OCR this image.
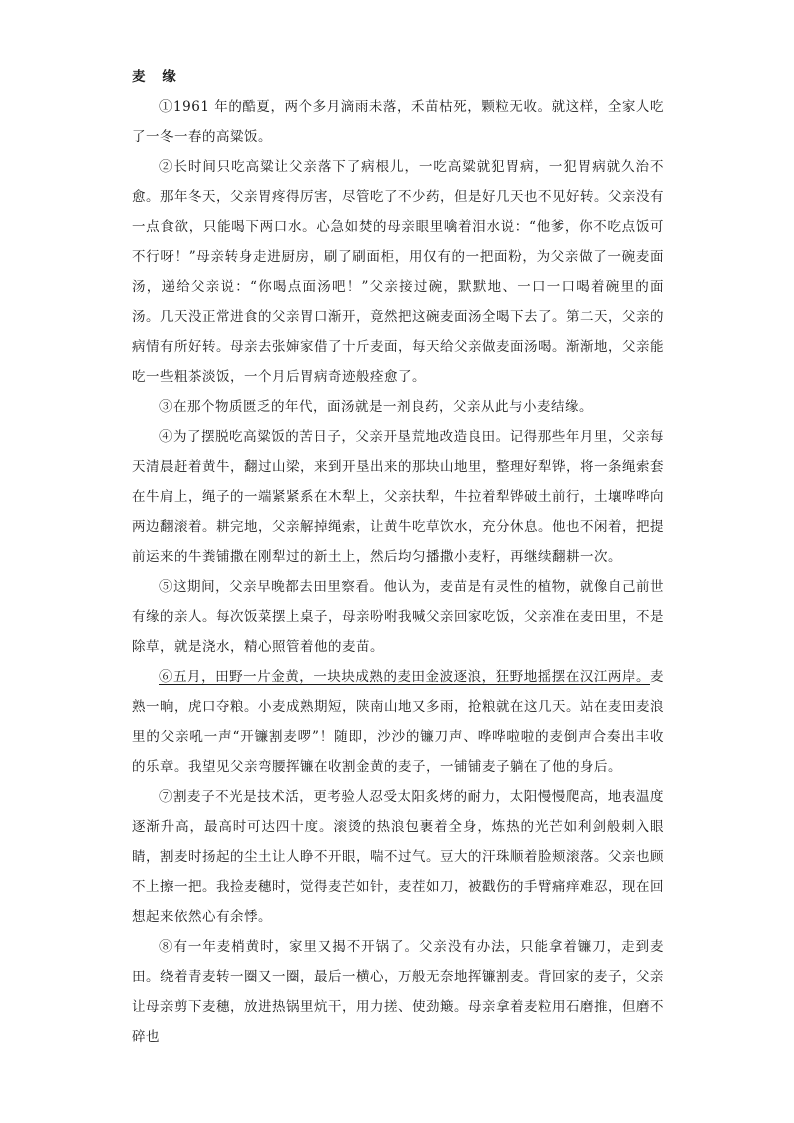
麦 缘

①1961 年的酷夏，两个多月滴雨未落，禾苗枯死，颗粒无收。就这样，全家人吃了一冬一春的高粱饭。

②长时间只吃高粱让父亲落下了病根儿，一吃高粱就犯胃病，一犯胃病就久治不愈。那年冬天，父亲胃疼得厉害，尽管吃了不少药，但是好几天也不见好转。父亲没有一点食欲，只能喝下两口水。心急如焚的母亲眼里噙着泪水说：“他爹，你不吃点饭可不行呀！”母亲转身走进厨房，刷了刷面柜，用仅有的一把面粉，为父亲做了一碗麦面汤，递给父亲说：“你喝点面汤吧！”父亲接过碗，默默地、一口一口喝着碗里的面汤。几天没正常进食的父亲胃口渐开，竟然把这碗麦面汤全喝下去了。第二天，父亲的病情有所好转。母亲去张婶家借了十斤麦面，每天给父亲做麦面汤喝。渐渐地，父亲能吃一些粗茶淡饭，一个月后胃病奇迹般痊愈了。

③在那个物质匮乏的年代，面汤就是一剂良药，父亲从此与小麦结缘。

④为了摆脱吃高粱饭的苦日子，父亲开垦荒地改造良田。记得那些年月里，父亲每天清晨赶着黄牛，翻过山梁，来到开垦出来的那块山地里，整理好犁铧，将一条绳索套在牛肩上，绳子的一端紧紧系在木犁上，父亲扶犁，牛拉着犁铧破土前行，土壤哗哗向两边翻滚着。耕完地，父亲解掉绳索，让黄牛吃草饮水，充分休息。他也不闲着，把提前运来的牛粪铺撒在刚犁过的新土上，然后均匀播撒小麦籽，再继续翻耕一次。

⑤这期间，父亲早晚都去田里察看。他认为，麦苗是有灵性的植物，就像自己前世有缘的亲人。每次饭菜摆上桌子，母亲吩咐我喊父亲回家吃饭，父亲准在麦田里，不是除草，就是浇水，精心照管着他的麦苗。

⑥五月，田野一片金黄，一块块成熟的麦田金波逐浪，狂野地摇摆在汉江两岸。麦熟一晌，虎口夺粮。小麦成熟期短，陕南山地又多雨，抢粮就在这几天。站在麦田麦浪里的父亲吼一声“开镰割麦啰”！随即，沙沙的镰刀声、哗哗啦啦的麦倒声合奏出丰收的乐章。我望见父亲弯腰挥镰在收割金黄的麦子，一铺铺麦子躺在了他的身后。

⑦割麦子不光是技术活，更考验人忍受太阳炙烤的耐力，太阳慢慢爬高，地表温度逐渐升高，最高时可达四十度。滚烫的热浪包裹着全身，炼热的光芒如利剑般刺入眼睛，割麦时扬起的尘土让人睁不开眼，喘不过气。豆大的汗珠顺着脸颊滚落。父亲也顾不上擦一把。我捡麦穗时，觉得麦芒如针，麦茬如刀，被戳伤的手臂痛痒难忍，现在回想起来依然心有余悸。

⑧有一年麦梢黄时，家里又揭不开锅了。父亲没有办法，只能拿着镰刀，走到麦田。绕着青麦转一圈又一圈，最后一横心，万般无奈地挥镰割麦。背回家的麦子，父亲让母亲剪下麦穗，放进热锅里炕干，用力搓、使劲簸。母亲拿着麦粒用石磨推，但磨不碎也
